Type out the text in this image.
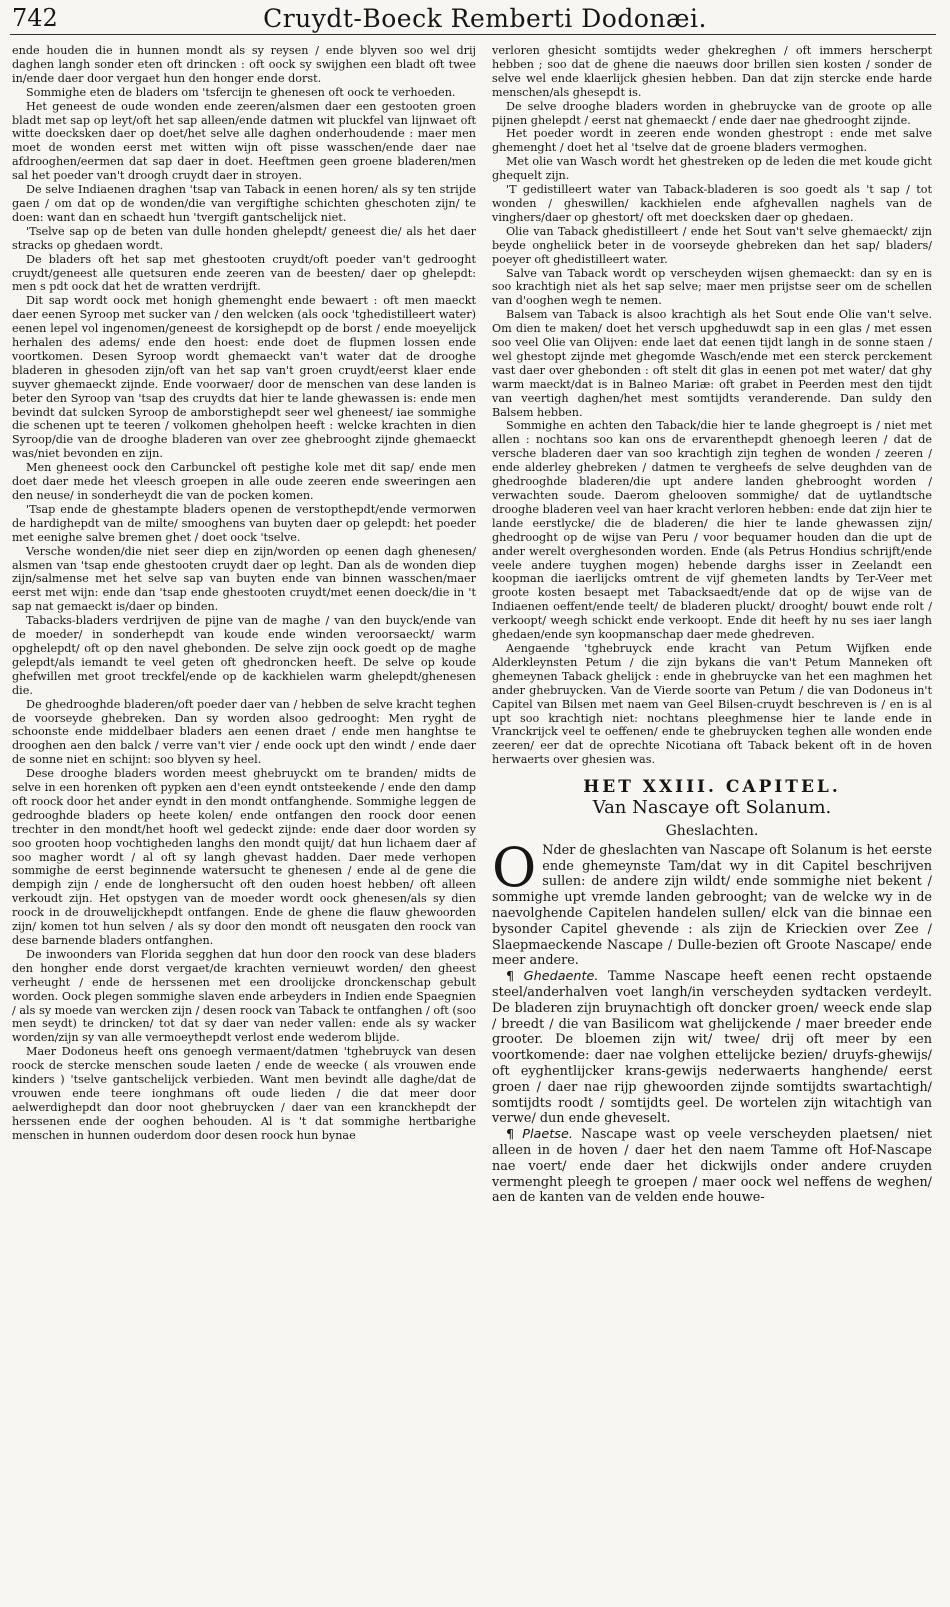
742	Cruydt-Boeck Remberti Dodonæi.

ende houden die in hunnen mondt als sy reysen / ende blyven soo wel drij daghen langh sonder eten oft drincken : oft oock sy swijghen een bladt oft twee in/ende daer door vergaet hun den honger ende dorst.

Sommighe eten de bladers om 'tsfercijn te ghenesen oft oock te verhoeden.

Het geneest de oude wonden ende zeeren/alsmen daer een gestooten groen bladt met sap op leyt/oft het sap alleen/ende datmen wit pluckfel van lijnwaet oft witte doecksken daer op doet/het selve alle daghen onderhoudende : maer men moet de wonden eerst met witten wijn oft pisse wasschen/ende daer nae afdrooghen/eermen dat sap daer in doet. Heeftmen geen groene bladeren/men sal het poeder van't droogh cruydt daer in stroyen.

De selve Indiaenen draghen 'tsap van Taback in eenen horen/ als sy ten strijde gaen / om dat op de wonden/die van vergiftighe schichten gheschoten zijn/ te doen: want dan en schaedt hun 'tvergift gantschelijck niet.

'Tselve sap op de beten van dulle honden ghelepdt/ geneest die/ als het daer stracks op ghedaen wordt.

De bladers oft het sap met ghestooten cruydt/oft poeder van't gedrooght cruydt/geneest alle quetsuren ende zeeren van de beesten/ daer op ghelepdt: men s pdt oock dat het de wratten verdrijft.

Dit sap wordt oock met honigh ghemenght ende bewaert : oft men maeckt daer eenen Syroop met sucker van / den welcken (als oock 'tghedistilleert water) eenen lepel vol ingenomen/geneest de korsighepdt op de borst / ende moeyelijck herhalen des adems/ ende den hoest: ende doet de flupmen lossen ende voortkomen. Desen Syroop wordt ghemaeckt van't water dat de drooghe bladeren in ghesoden zijn/oft van het sap van't groen cruydt/eerst klaer ende suyver ghemaeckt zijnde. Ende voorwaer/ door de menschen van dese landen is beter den Syroop van 'tsap des cruydts dat hier te lande ghewassen is: ende men bevindt dat sulcken Syroop de amborstighepdt seer wel gheneest/ iae sommighe die schenen upt te teeren / volkomen gheholpen heeft : welcke krachten in dien Syroop/die van de drooghe bladeren van over zee ghebrooght zijnde ghemaeckt was/niet bevonden en zijn.

Men gheneest oock den Carbunckel oft pestighe kole met dit sap/ ende men doet daer mede het vleesch groepen in alle oude zeeren ende sweeringen aen den neuse/ in sonderheydt die van de pocken komen.

'Tsap ende de ghestampte bladers openen de verstopthepdt/ende vermorwen de hardighepdt van de milte/ smooghens van buyten daer op gelepdt: het poeder met eenighe salve bremen ghet / doet oock 'tselve.

Versche wonden/die niet seer diep en zijn/worden op eenen dagh ghenesen/ alsmen van 'tsap ende ghestooten cruydt daer op leght. Dan als de wonden diep zijn/salmense met het selve sap van buyten ende van binnen wasschen/maer eerst met wijn: ende dan 'tsap ende ghestooten cruydt/met eenen doeck/die in 't sap nat gemaeckt is/daer op binden.

Tabacks-bladers verdrijven de pijne van de maghe / van den buyck/ende van de moeder/ in sonderhepdt van koude ende winden veroorsaeckt/ warm opghelepdt/ oft op den navel ghebonden. De selve zijn oock goedt op de maghe gelepdt/als iemandt te veel geten oft ghedroncken heeft. De selve op koude ghefwillen met groot treckfel/ende op de kackhielen warm ghelepdt/ghenesen die.

De ghedrooghde bladeren/oft poeder daer van / hebben de selve kracht teghen de voorseyde ghebreken. Dan sy worden alsoo gedrooght: Men ryght de schoonste ende middelbaer bladers aen eenen draet / ende men hanghtse te drooghen aen den balck / verre van't vier / ende oock upt den windt / ende daer de sonne niet en schijnt: soo blyven sy heel.

Dese drooghe bladers worden meest ghebruyckt om te branden/ midts de selve in een horenken oft pypken aen d'een eyndt ontsteekende / ende den damp oft roock door het ander eyndt in den mondt ontfanghende. Sommighe leggen de gedrooghde bladers op heete kolen/ ende ontfangen den roock door eenen trechter in den mondt/het hooft wel gedeckt zijnde: ende daer door worden sy soo grooten hoop vochtigheden langhs den mondt quijt/ dat hun lichaem daer af soo magher wordt / al oft sy langh ghevast hadden. Daer mede verhopen sommighe de eerst beginnende watersucht te ghenesen / ende al de gene die dempigh zijn / ende de longhersucht oft den ouden hoest hebben/ oft alleen verkoudt zijn. Het opstygen van de moeder wordt oock ghenesen/als sy dien roock in de drouwelijckhepdt ontfangen. Ende de ghene die flauw ghewoorden zijn/ komen tot hun selven / als sy door den mondt oft neusgaten den roock van dese barnende bladers ontfanghen.

De inwoonders van Florida segghen dat hun door den roock van dese bladers den hongher ende dorst vergaet/de krachten vernieuwt worden/ den gheest verheught / ende de herssenen met een droolijcke dronckenschap gebult worden. Oock plegen sommighe slaven ende arbeyders in Indien ende Spaegnien / als sy moede van wercken zijn / desen roock van Taback te ontfanghen / oft (soo men seydt) te drincken/ tot dat sy daer van neder vallen: ende als sy wacker worden/zijn sy van alle vermoeythepdt verlost ende wederom blijde.

Maer Dodoneus heeft ons genoegh vermaent/datmen 'tghebruyck van desen roock de stercke menschen soude laeten / ende de weecke ( als vrouwen ende kinders ) 'tselve gantschelijck verbieden. Want men bevindt alle daghe/dat de vrouwen ende teere ionghmans oft oude lieden / die dat meer door aelwerdighepdt dan door noot ghebruycken / daer van een kranckhepdt der herssenen ende der ooghen behouden. Al is 't dat sommighe hertbarighe menschen in hunnen ouderdom door desen roock hun bynae

verloren ghesicht somtijdts weder ghekreghen / oft immers herscherpt hebben ; soo dat de ghene die naeuws door brillen sien kosten / sonder de selve wel ende klaerlijck ghesien hebben. Dan dat zijn stercke ende harde menschen/als ghesepdt is.

De selve drooghe bladers worden in ghebruycke van de groote op alle pijnen ghelepdt / eerst nat ghemaeckt / ende daer nae ghedrooght zijnde.

Het poeder wordt in zeeren ende wonden ghestropt : ende met salve ghemenght / doet het al 'tselve dat de groene bladers vermoghen.

Met olie van Wasch wordt het ghestreken op de leden die met koude gicht ghequelt zijn.

'T gedistilleert water van Taback-bladeren is soo goedt als 't sap / tot wonden / gheswillen/ kackhielen ende afghevallen naghels van de vinghers/daer op ghestort/ oft met doecksken daer op ghedaen.

Olie van Taback ghedistilleert / ende het Sout van't selve ghemaeckt/ zijn beyde ongheliick beter in de voorseyde ghebreken dan het sap/ bladers/ poeyer oft ghedistilleert water.

Salve van Taback wordt op verscheyden wijsen ghemaeckt: dan sy en is soo krachtigh niet als het sap selve; maer men prijstse seer om de schellen van d'ooghen wegh te nemen.

Balsem van Taback is alsoo krachtigh als het Sout ende Olie van't selve. Om dien te maken/ doet het versch upgheduwdt sap in een glas / met essen soo veel Olie van Olijven: ende laet dat eenen tijdt langh in de sonne staen / wel ghestopt zijnde met ghegomde Wasch/ende met een sterck perckement vast daer over ghebonden : oft stelt dit glas in eenen pot met water/ dat ghy warm maeckt/dat is in Balneo Mariæ: oft grabet in Peerden mest den tijdt van veertigh daghen/het mest somtijdts veranderende. Dan suldy den Balsem hebben.

Sommighe en achten den Taback/die hier te lande ghegroept is / niet met allen : nochtans soo kan ons de ervarenthepdt ghenoegh leeren / dat de versche bladeren daer van soo krachtigh zijn teghen de wonden / zeeren / ende alderley ghebreken / datmen te vergheefs de selve deughden van de ghedrooghde bladeren/die upt andere landen ghebrooght worden / verwachten soude. Daerom ghelooven sommighe/ dat de uytlandtsche drooghe bladeren veel van haer kracht verloren hebben: ende dat zijn hier te lande eerstlycke/ die de bladeren/ die hier te lande ghewassen zijn/ ghedrooght op de wijse van Peru / voor bequamer houden dan die upt de ander werelt overghesonden worden. Ende (als Petrus Hondius schrijft/ende veele andere tuyghen mogen) hebende darghs isser in Zeelandt een koopman die iaerlijcks omtrent de vijf ghemeten landts by Ter-Veer met groote kosten besaept met Tabacksaedt/ende dat op de wijse van de Indiaenen oeffent/ende teelt/ de bladeren pluckt/ drooght/ bouwt ende rolt / verkoopt/ weegh schickt ende verkoopt. Ende dit heeft hy nu ses iaer langh ghedaen/ende syn koopmanschap daer mede ghedreven.

Aengaende 'tghebruyck ende kracht van Petum Wijfken ende Alderkleynsten Petum / die zijn bykans die van't Petum Manneken oft ghemeynen Taback ghelijck : ende in ghebruycke van het een maghmen het ander ghebruycken. Van de Vierde soorte van Petum / die van Dodoneus in't Capitel van Bilsen met naem van Geel Bilsen-cruydt beschreven is / en is al upt soo krachtigh niet: nochtans pleeghmense hier te lande ende in Vranckrijck veel te oeffenen/ ende te ghebruycken teghen alle wonden ende zeeren/ eer dat de oprechte Nicotiana oft Taback bekent oft in de hoven herwaerts over ghesien was.

HET XXIII. CAPITEL.
Van Nascaye oft Solanum.
Gheslachten.

O Nder de gheslachten van Nascape oft Solanum is het eerste ende ghemeynste Tam/dat wy in dit Capitel beschrijven sullen: de andere zijn wildt/ ende sommighe niet bekent / sommighe upt vremde landen gebrooght; van de welcke wy in de naevolghende Capitelen handelen sullen/ elck van die binnae een bysonder Capitel ghevende : als zijn de Krieckien over Zee / Slaepmaeckende Nascape / Dulle-bezien oft Groote Nascape/ ende meer andere.

¶ Ghedaente. Tamme Nascape heeft eenen recht opstaende steel/anderhalven voet langh/in verscheyden sydtacken verdeylt. De bladeren zijn bruynachtigh oft doncker groen/ weeck ende slap / breedt / die van Basilicom wat ghelijckende / maer breeder ende grooter. De bloemen zijn wit/ twee/ drij oft meer by een voortkomende: daer nae volghen ettelijcke bezien/ druyfs-ghewijs/ oft eyghentlijcker krans-gewijs nederwaerts hanghende/ eerst groen / daer nae rijp ghewoorden zijnde somtijdts swartachtigh/ somtijdts roodt / somtijdts geel. De wortelen zijn witachtigh van verwe/ dun ende gheveselt.

¶ Plaetse. Nascape wast op veele verscheyden plaetsen/ niet alleen in de hoven / daer het den naem Tamme oft Hof-Nascape nae voert/ ende daer het dickwijls onder andere cruyden vermenght pleegh te groepen / maer oock wel neffens de weghen/ aen de kanten van de velden ende houwe-
